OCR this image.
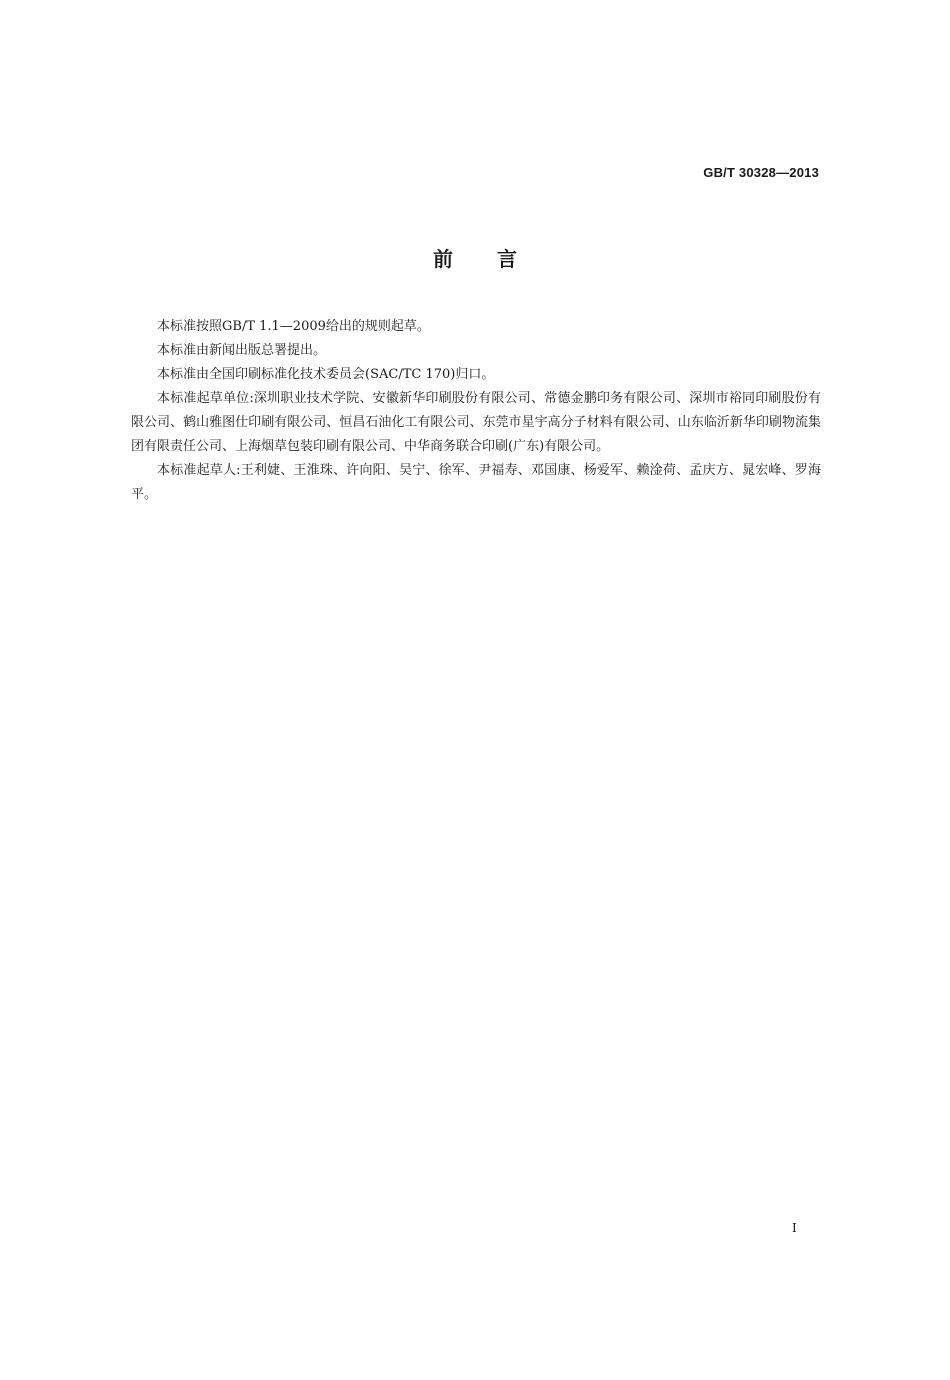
GB/T 30328—2013
前言

本标准按照GB/T 1.1—2009给出的规则起草。

本标准由新闻出版总署提出。

本标准由全国印刷标准化技术委员会(SAC/TC 170)归口。

本标准起草单位:深圳职业技术学院、安徽新华印刷股份有限公司、常德金鹏印务有限公司、深圳市裕同印刷股份有限公司、鹤山雅图仕印刷有限公司、恒昌石油化工有限公司、东莞市星宇高分子材料有限公司、山东临沂新华印刷物流集团有限责任公司、上海烟草包装印刷有限公司、中华商务联合印刷(广东)有限公司。

本标准起草人:王利婕、王淮珠、许向阳、吴宁、徐军、尹福寿、邓国康、杨爱军、赖淦荷、孟庆方、晁宏峰、罗海平。

I
